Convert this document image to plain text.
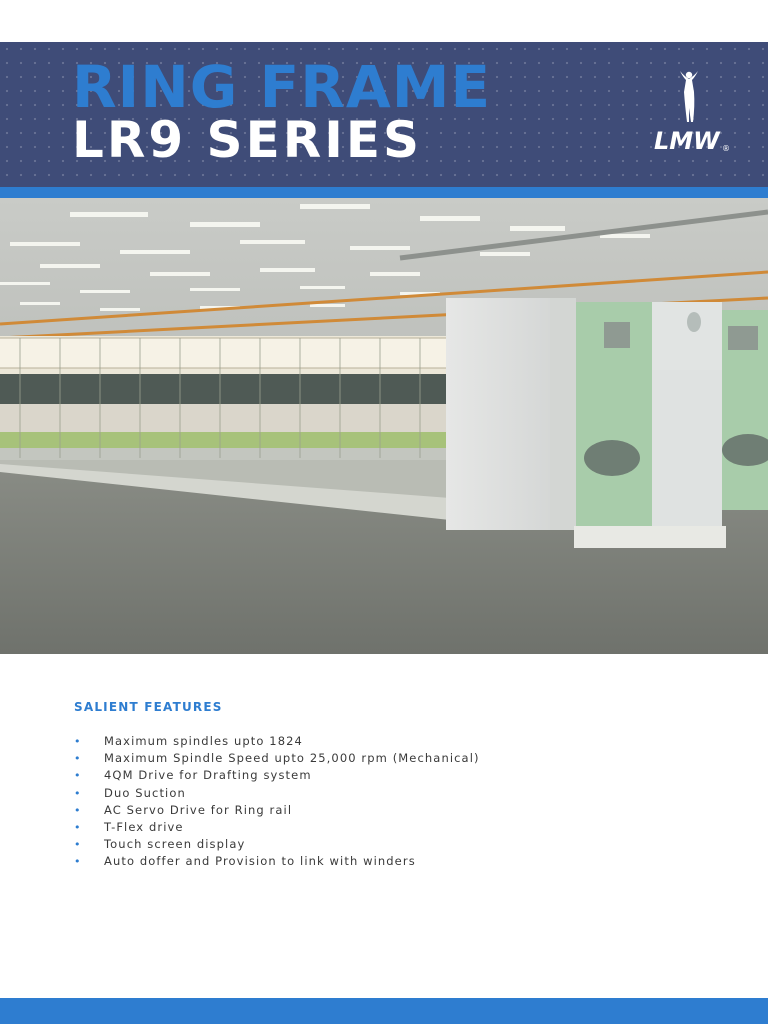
RING FRAME
LR9 SERIES	LMW ®
SALIENT FEATURES
• Maximum spindles upto 1824
• Maximum Spindle Speed upto 25,000 rpm (Mechanical)
• 4QM Drive for Drafting system
• Duo Suction
• AC Servo Drive for Ring rail
• T-Flex drive
• Touch screen display
• Auto doffer and Provision to link with winders
